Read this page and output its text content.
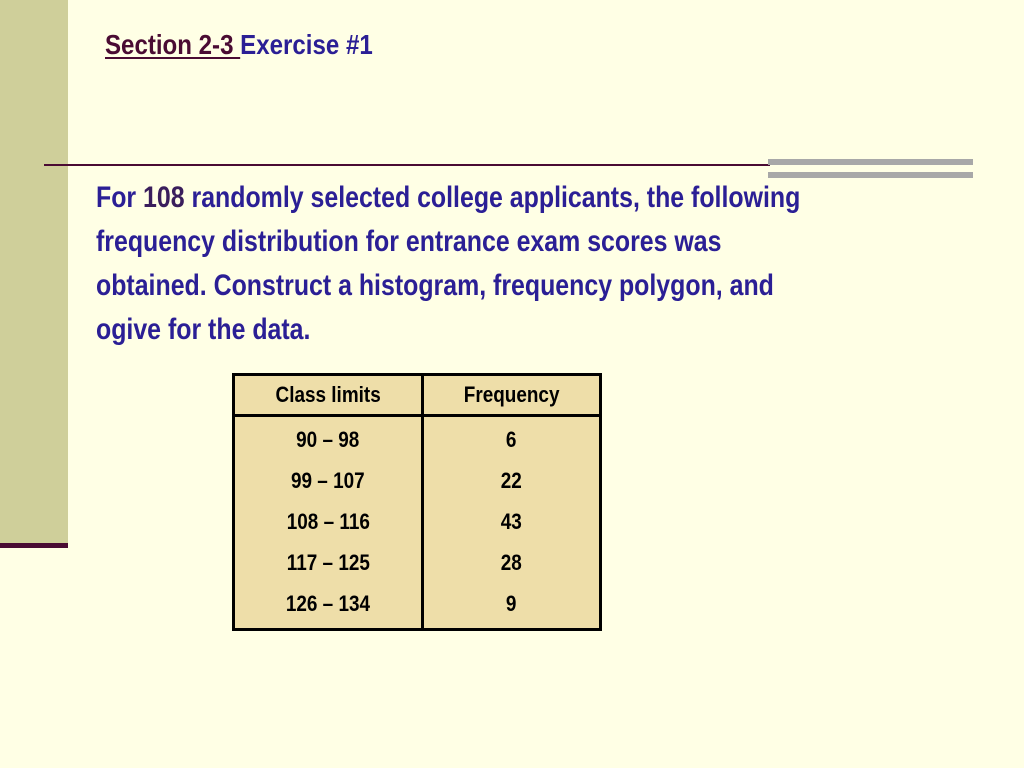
Section 2-3 Exercise #1

For 108 randomly selected college applicants, the following frequency distribution for entrance exam scores was obtained. Construct a histogram, frequency polygon, and ogive for the data.

Class limits	Frequency
90 – 98	6
99 – 107	22
108 – 116	43
117 – 125	28
126 – 134	9
